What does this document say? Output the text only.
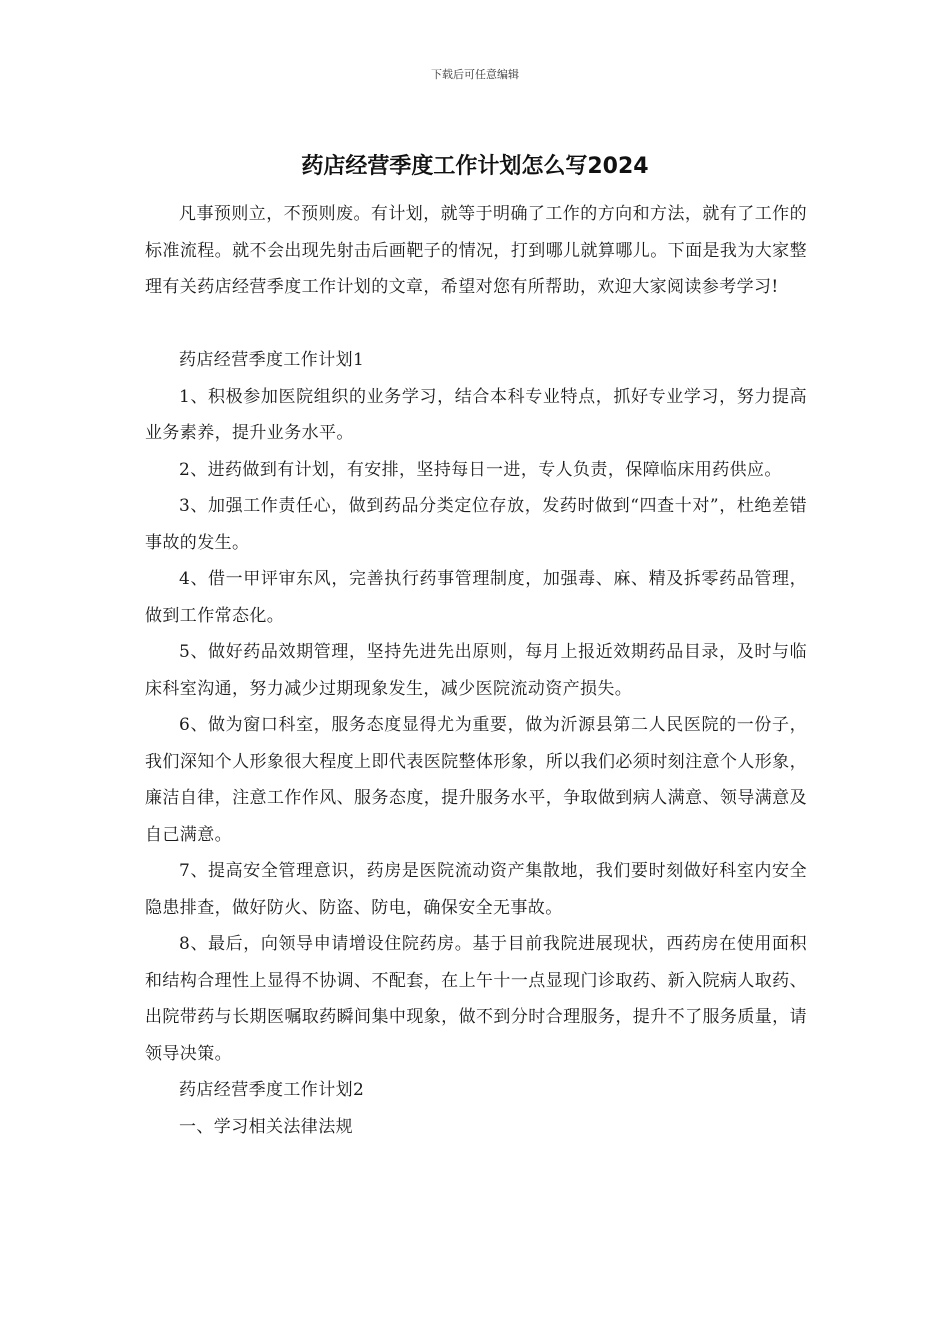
下载后可任意编辑
药店经营季度工作计划怎么写2024

凡事预则立，不预则废。有计划，就等于明确了工作的方向和方法，就有了工作的标准流程。就不会出现先射击后画靶子的情况，打到哪儿就算哪儿。下面是我为大家整理有关药店经营季度工作计划的文章，希望对您有所帮助，欢迎大家阅读参考学习!

药店经营季度工作计划1

1、积极参加医院组织的业务学习，结合本科专业特点，抓好专业学习，努力提高业务素养，提升业务水平。

2、进药做到有计划，有安排，坚持每日一进，专人负责，保障临床用药供应。

3、加强工作责任心，做到药品分类定位存放，发药时做到“四查十对”，杜绝差错事故的发生。

4、借一甲评审东风，完善执行药事管理制度，加强毒、麻、精及拆零药品管理，做到工作常态化。

5、做好药品效期管理，坚持先进先出原则，每月上报近效期药品目录，及时与临床科室沟通，努力减少过期现象发生，减少医院流动资产损失。

6、做为窗口科室，服务态度显得尤为重要，做为沂源县第二人民医院的一份子，我们深知个人形象很大程度上即代表医院整体形象，所以我们必须时刻注意个人形象，廉洁自律，注意工作作风、服务态度，提升服务水平，争取做到病人满意、领导满意及自己满意。

7、提高安全管理意识，药房是医院流动资产集散地，我们要时刻做好科室内安全隐患排查，做好防火、防盗、防电，确保安全无事故。

8、最后，向领导申请增设住院药房。基于目前我院进展现状，西药房在使用面积和结构合理性上显得不协调、不配套，在上午十一点显现门诊取药、新入院病人取药、出院带药与长期医嘱取药瞬间集中现象，做不到分时合理服务，提升不了服务质量，请领导决策。

药店经营季度工作计划2

一、学习相关法律法规
